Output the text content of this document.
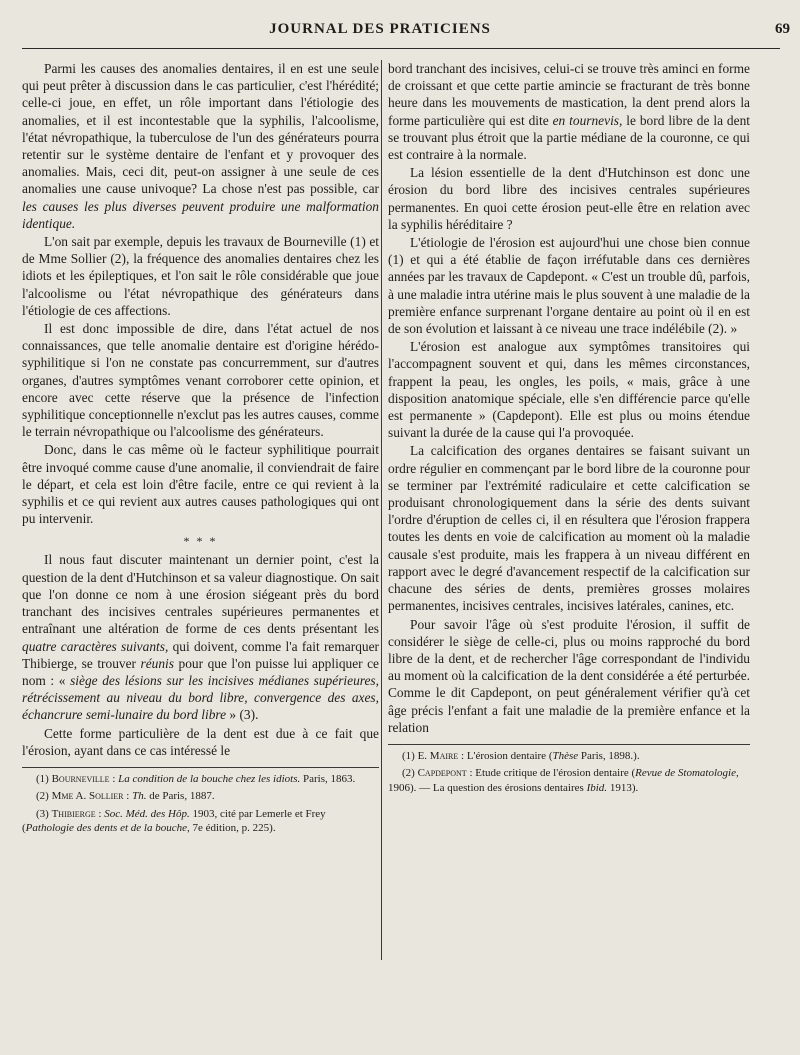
JOURNAL DES PRATICIENS	69

Parmi les causes des anomalies dentaires, il en est une seule qui peut prêter à discussion dans le cas particulier, c'est l'hérédité; celle-ci joue, en effet, un rôle important dans l'étiologie des anomalies, et il est incontestable que la syphilis, l'alcoolisme, l'état névropathique, la tuberculose de l'un des générateurs pourra retentir sur le système dentaire de l'enfant et y provoquer des anomalies. Mais, ceci dit, peut-on assigner à une seule de ces anomalies une cause univoque? La chose n'est pas possible, car les causes les plus diverses peuvent produire une malformation identique.

L'on sait par exemple, depuis les travaux de Bourneville (1) et de Mme Sollier (2), la fréquence des anomalies dentaires chez les idiots et les épileptiques, et l'on sait le rôle considérable que joue l'alcoolisme ou l'état névropathique des générateurs dans l'étiologie de ces affections.

Il est donc impossible de dire, dans l'état actuel de nos connaissances, que telle anomalie dentaire est d'origine hérédo-syphilitique si l'on ne constate pas concurremment, sur d'autres organes, d'autres symptômes venant corroborer cette opinion, et encore avec cette réserve que la présence de l'infection syphilitique conceptionnelle n'exclut pas les autres causes, comme le terrain névropathique ou l'alcoolisme des générateurs.

Donc, dans le cas même où le facteur syphilitique pourrait être invoqué comme cause d'une anomalie, il conviendrait de faire le départ, et cela est loin d'être facile, entre ce qui revient à la syphilis et ce qui revient aux autres causes pathologiques qui ont pu intervenir.

* * *

Il nous faut discuter maintenant un dernier point, c'est la question de la dent d'Hutchinson et sa valeur diagnostique. On sait que l'on donne ce nom à une érosion siégeant près du bord tranchant des incisives centrales supérieures permanentes et entraînant une altération de forme de ces dents présentant les quatre caractères suivants, qui doivent, comme l'a fait remarquer Thibierge, se trouver réunis pour que l'on puisse lui appliquer ce nom : « siège des lésions sur les incisives médianes supérieures, rétrécissement au niveau du bord libre, convergence des axes, échancrure semi-lunaire du bord libre » (3).

Cette forme particulière de la dent est due à ce fait que l'érosion, ayant dans ce cas intéressé le

(1) Bourneville : La condition de la bouche chez les idiots. Paris, 1863.
(2) Mme A. Sollier : Th. de Paris, 1887.
(3) Thibierge : Soc. Méd. des Hôp. 1903, cité par Lemerle et Frey (Pathologie des dents et de la bouche, 7e édition, p. 225).

bord tranchant des incisives, celui-ci se trouve très aminci en forme de croissant et que cette partie amincie se fracturant de très bonne heure dans les mouvements de mastication, la dent prend alors la forme particulière qui est dite en tournevis, le bord libre de la dent se trouvant plus étroit que la partie médiane de la couronne, ce qui est contraire à la normale.

La lésion essentielle de la dent d'Hutchinson est donc une érosion du bord libre des incisives centrales supérieures permanentes. En quoi cette érosion peut-elle être en relation avec la syphilis héréditaire ?

L'étiologie de l'érosion est aujourd'hui une chose bien connue (1) et qui a été établie de façon irréfutable dans ces dernières années par les travaux de Capdepont. « C'est un trouble dû, parfois, à une maladie intra utérine mais le plus souvent à une maladie de la première enfance surprenant l'organe dentaire au point où il en est de son évolution et laissant à ce niveau une trace indélébile (2). »

L'érosion est analogue aux symptômes transitoires qui l'accompagnent souvent et qui, dans les mêmes circonstances, frappent la peau, les ongles, les poils, « mais, grâce à une disposition anatomique spéciale, elle s'en différencie parce qu'elle est permanente » (Capdepont). Elle est plus ou moins étendue suivant la durée de la cause qui l'a provoquée.

La calcification des organes dentaires se faisant suivant un ordre régulier en commençant par le bord libre de la couronne pour se terminer par l'extrémité radiculaire et cette calcification se produisant chronologiquement dans la série des dents suivant l'ordre d'éruption de celles ci, il en résultera que l'érosion frappera toutes les dents en voie de calcification au moment où la maladie causale s'est produite, mais les frappera à un niveau différent en rapport avec le degré d'avancement respectif de la calcification sur chacune des séries de dents, premières grosses molaires permanentes, incisives centrales, incisives latérales, canines, etc.

Pour savoir l'âge où s'est produite l'érosion, il suffit de considérer le siège de celle-ci, plus ou moins rapproché du bord libre de la dent, et de rechercher l'âge correspondant de l'individu au moment où la calcification de la dent considérée a été perturbée. Comme le dit Capdepont, on peut généralement vérifier qu'à cet âge précis l'enfant a fait une maladie de la première enfance et la relation

(1) E. Maire : L'érosion dentaire (Thèse Paris, 1898.).
(2) Capdepont : Etude critique de l'érosion dentaire (Revue de Stomatologie, 1906). — La question des érosions dentaires Ibid. 1913).
